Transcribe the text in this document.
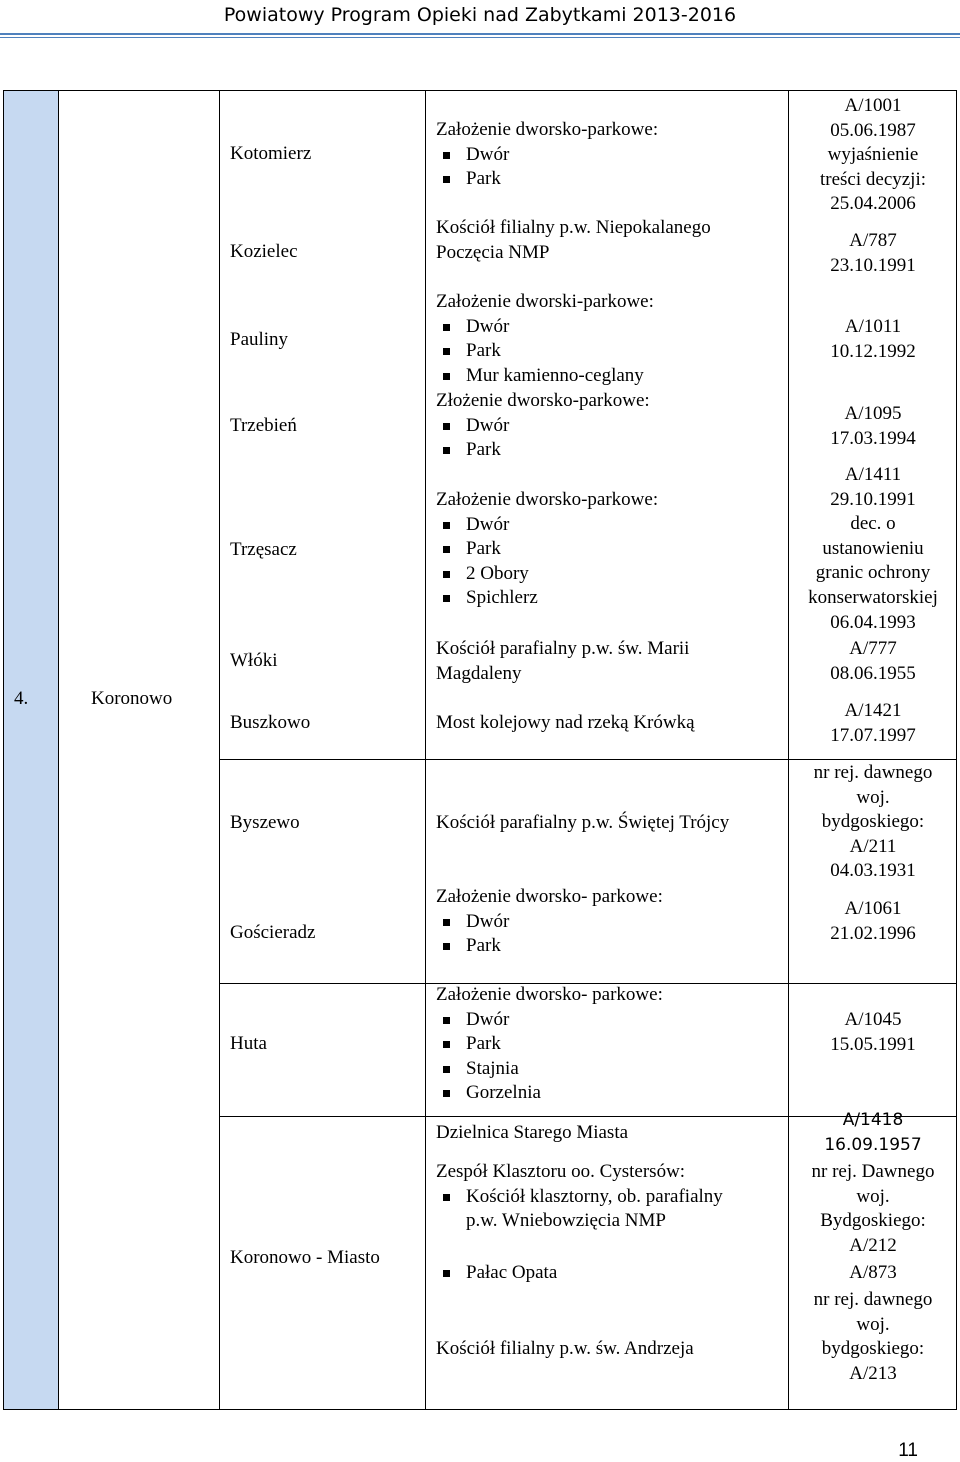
Powiatowy Program Opieki nad Zabytkami 2013-2016
4.	Koronowo
Kotomierz
Kozielec
Pauliny
Trzebień
Trzęsacz
Włóki
Buszkowo
Byszewo
Gościeradz
Huta
Koronowo - Miasto
Założenie dworsko-parkowe:
Dwór
Park
Kościół filialny p.w. Niepokalanego
Poczęcia NMP
Założenie dworski-parkowe:
Dwór
Park
Mur kamienno-ceglany
Złożenie dworsko-parkowe:
Dwór
Park
Założenie dworsko-parkowe:
Dwór
Park
2 Obory
Spichlerz
Kościół parafialny p.w. św. Marii
Magdaleny
Most kolejowy nad rzeką Krówką
Kościół parafialny p.w. Świętej Trójcy
Założenie dworsko- parkowe:
Dwór
Park
Założenie dworsko- parkowe:
Dwór
Park
Stajnia
Gorzelnia
Dzielnica Starego Miasta
Zespół Klasztoru oo. Cystersów:
Kościół klasztorny, ob. parafialny
p.w. Wniebowzięcia NMP
Pałac Opata
Kościół filialny p.w. św. Andrzeja
A/1001
05.06.1987
wyjaśnienie
treści decyzji:
25.04.2006
A/787
23.10.1991
A/1011
10.12.1992
A/1095
17.03.1994
A/1411
29.10.1991
dec. o
ustanowieniu
granic ochrony
konserwatorskiej
06.04.1993
A/777
08.06.1955
A/1421
17.07.1997
nr rej. dawnego
woj.
bydgoskiego:
A/211
04.03.1931
A/1061
21.02.1996
A/1045
15.05.1991
A/1418
16.09.1957
nr rej. Dawnego
woj.
Bydgoskiego:
A/212
A/873
nr rej. dawnego
woj.
bydgoskiego:
A/213
11
